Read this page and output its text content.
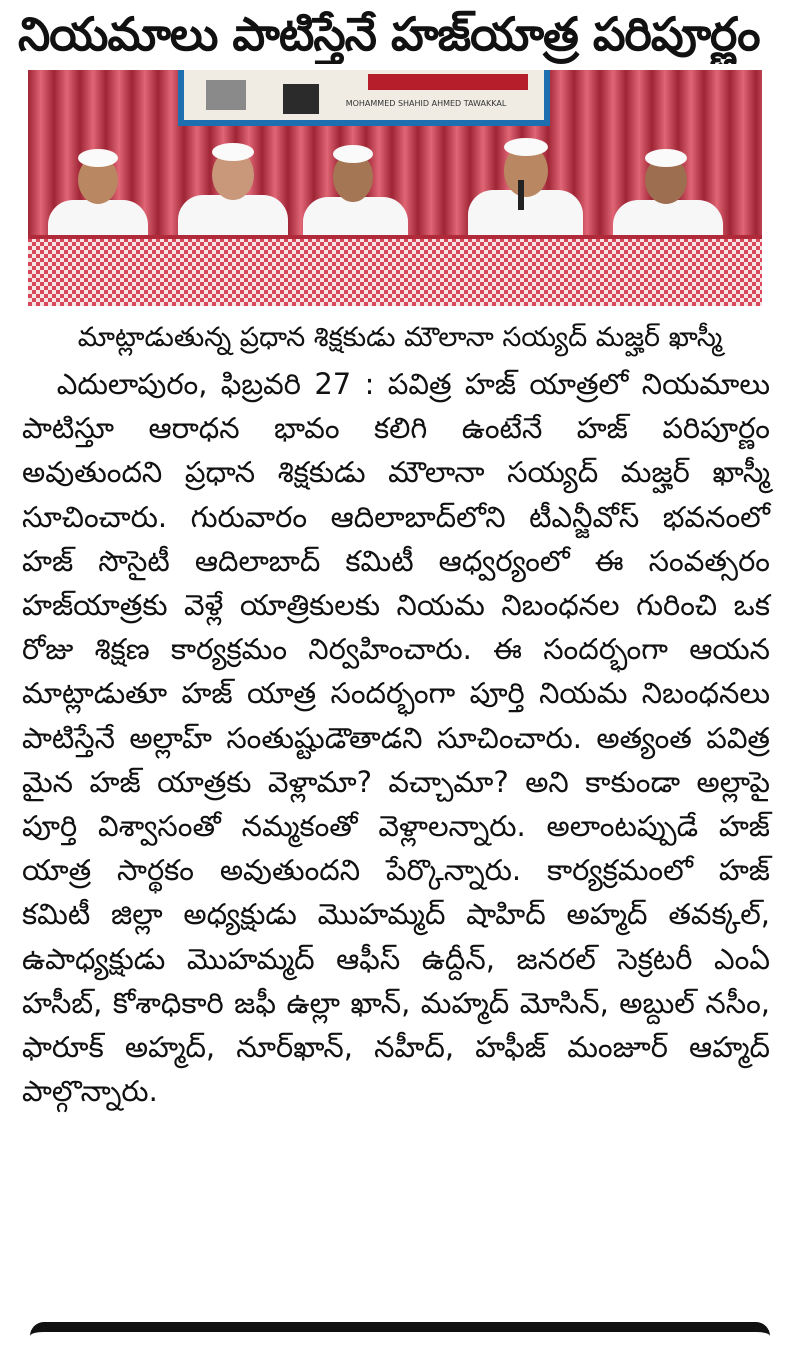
నియమాలు పాటిస్తేనే హజ్‌యాత్ర పరిపూర్ణం
MOHAMMED SHAHID AHMED TAWAKKAL
మాట్లాడుతున్న ప్రధాన శిక్షకుడు మౌలానా సయ్యద్ మజ్హర్ ఖాస్మీ

ఎదులాపురం, ఫిబ్రవరి 27 : పవిత్ర హజ్ యాత్రలో నియమాలు పాటిస్తూ ఆరాధన భావం కలిగి ఉంటేనే హజ్ పరిపూర్ణం అవుతుందని ప్రధాన శిక్షకుడు మౌలానా సయ్యద్ మజ్హర్ ఖాస్మీ సూచించారు. గురువారం ఆదిలాబాద్‌లోని టీఎన్జీవోస్ భవనంలో హజ్ సొసైటీ ఆదిలాబాద్ కమిటీ ఆధ్వర్యంలో ఈ సంవత్సరం హజ్‌యాత్రకు వెళ్లే యాత్రికులకు నియమ నిబంధనల గురించి ఒక రోజు శిక్షణ కార్యక్రమం నిర్వహించారు. ఈ సందర్భంగా ఆయన మాట్లాడుతూ హజ్ యాత్ర సందర్భంగా పూర్తి నియమ నిబంధనలు పాటిస్తేనే అల్లాహ్ సంతుష్టుడౌతాడని సూచించారు. అత్యంత పవిత్ర మైన హజ్ యాత్రకు వెళ్లామా? వచ్చామా? అని కాకుండా అల్లాపై పూర్తి విశ్వాసంతో నమ్మకంతో వెళ్లాలన్నారు. అలాంటప్పుడే హజ్ యాత్ర సార్థకం అవుతుందని పేర్కొన్నారు. కార్యక్రమంలో హజ్ కమిటీ జిల్లా అధ్యక్షుడు మొహమ్మద్ షాహిద్ అహ్మద్ తవక్కల్, ఉపాధ్యక్షుడు మొహమ్మద్ ఆఫీస్ ఉద్దీన్, జనరల్ సెక్రటరీ ఎంఏ హసీబ్, కోశాధికారి జఫీ ఉల్లా ఖాన్, మహ్మద్ మోసిన్, అబ్దుల్ నసీం, ఫారూక్ అహ్మద్, నూర్‌ఖాన్, నహీద్, హఫీజ్ మంజూర్ ఆహ్మద్ పాల్గొన్నారు.
